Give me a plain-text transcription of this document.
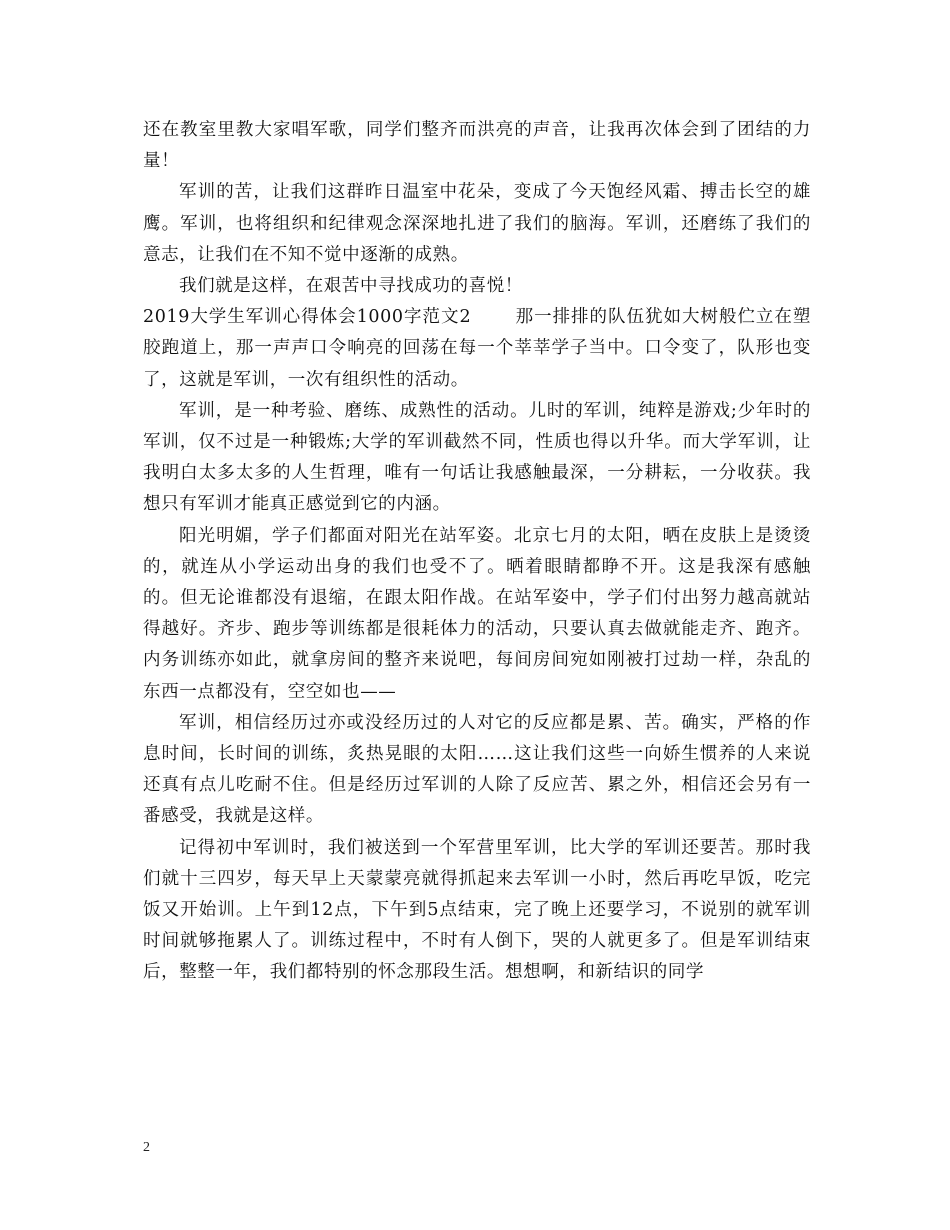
还在教室里教大家唱军歌，同学们整齐而洪亮的声音，让我再次体会到了团结的力量！

军训的苦，让我们这群昨日温室中花朵，变成了今天饱经风霜、搏击长空的雄鹰。军训，也将组织和纪律观念深深地扎进了我们的脑海。军训，还磨练了我们的意志，让我们在不知不觉中逐渐的成熟。

我们就是这样，在艰苦中寻找成功的喜悦！

2019大学生军训心得体会1000字范文2	那一排排的队伍犹如大树般伫立在塑胶跑道上，那一声声口令响亮的回荡在每一个莘莘学子当中。口令变了，队形也变了，这就是军训，一次有组织性的活动。

军训，是一种考验、磨练、成熟性的活动。儿时的军训，纯粹是游戏;少年时的军训，仅不过是一种锻炼;大学的军训截然不同，性质也得以升华。而大学军训，让我明白太多太多的人生哲理，唯有一句话让我感触最深，一分耕耘，一分收获。我想只有军训才能真正感觉到它的内涵。

阳光明媚，学子们都面对阳光在站军姿。北京七月的太阳，晒在皮肤上是烫烫的，就连从小学运动出身的我们也受不了。晒着眼睛都睁不开。这是我深有感触的。但无论谁都没有退缩，在跟太阳作战。在站军姿中，学子们付出努力越高就站得越好。齐步、跑步等训练都是很耗体力的活动，只要认真去做就能走齐、跑齐。内务训练亦如此，就拿房间的整齐来说吧，每间房间宛如刚被打过劫一样，杂乱的东西一点都没有，空空如也——

军训，相信经历过亦或没经历过的人对它的反应都是累、苦。确实，严格的作息时间，长时间的训练，炙热晃眼的太阳……这让我们这些一向娇生惯养的人来说还真有点儿吃耐不住。但是经历过军训的人除了反应苦、累之外，相信还会另有一番感受，我就是这样。

记得初中军训时，我们被送到一个军营里军训，比大学的军训还要苦。那时我们就十三四岁，每天早上天蒙蒙亮就得抓起来去军训一小时，然后再吃早饭，吃完饭又开始训。上午到12点，下午到5点结束，完了晚上还要学习，不说别的就军训时间就够拖累人了。训练过程中，不时有人倒下，哭的人就更多了。但是军训结束后，整整一年，我们都特别的怀念那段生活。想想啊，和新结识的同学

2
